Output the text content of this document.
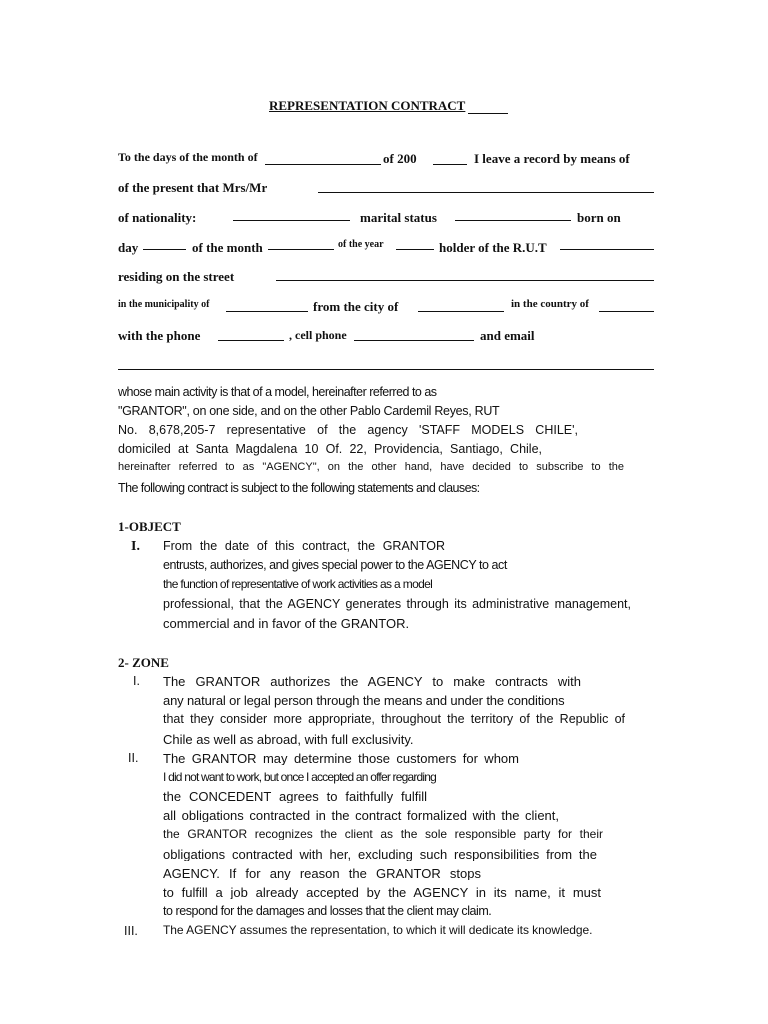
REPRESENTATION CONTRACT
To the days of the month of	of 200	I leave a record by means of
of the present that Mrs/Mr
of nationality:	marital status	born on
day	of the month	of the year	holder of the R.U.T
residing on the street
in the municipality of	from the city of	in the country of
with the phone	, cell phone	and email
whose main activity is that of a model, hereinafter referred to as
"GRANTOR", on one side, and on the other Pablo Cardemil Reyes, RUT
No. 8,678,205-7 representative of the agency 'STAFF MODELS CHILE',
domiciled at Santa Magdalena 10 Of. 22, Providencia, Santiago, Chile,
hereinafter referred to as "AGENCY", on the other hand, have decided to subscribe to the
The following contract is subject to the following statements and clauses:
1-OBJECT
I. From the date of this contract, the GRANTOR
entrusts, authorizes, and gives special power to the AGENCY to act
the function of representative of work activities as a model
professional, that the AGENCY generates through its administrative management,
commercial and in favor of the GRANTOR.
2- ZONE
I. The GRANTOR authorizes the AGENCY to make contracts with
any natural or legal person through the means and under the conditions
that they consider more appropriate, throughout the territory of the Republic of
Chile as well as abroad, with full exclusivity.
II. The GRANTOR may determine those customers for whom
I did not want to work, but once I accepted an offer regarding
the CONCEDENT agrees to faithfully fulfill
all obligations contracted in the contract formalized with the client,
the GRANTOR recognizes the client as the sole responsible party for their
obligations contracted with her, excluding such responsibilities from the
AGENCY. If for any reason the GRANTOR stops
to fulfill a job already accepted by the AGENCY in its name, it must
to respond for the damages and losses that the client may claim.
III. The AGENCY assumes the representation, to which it will dedicate its knowledge.
